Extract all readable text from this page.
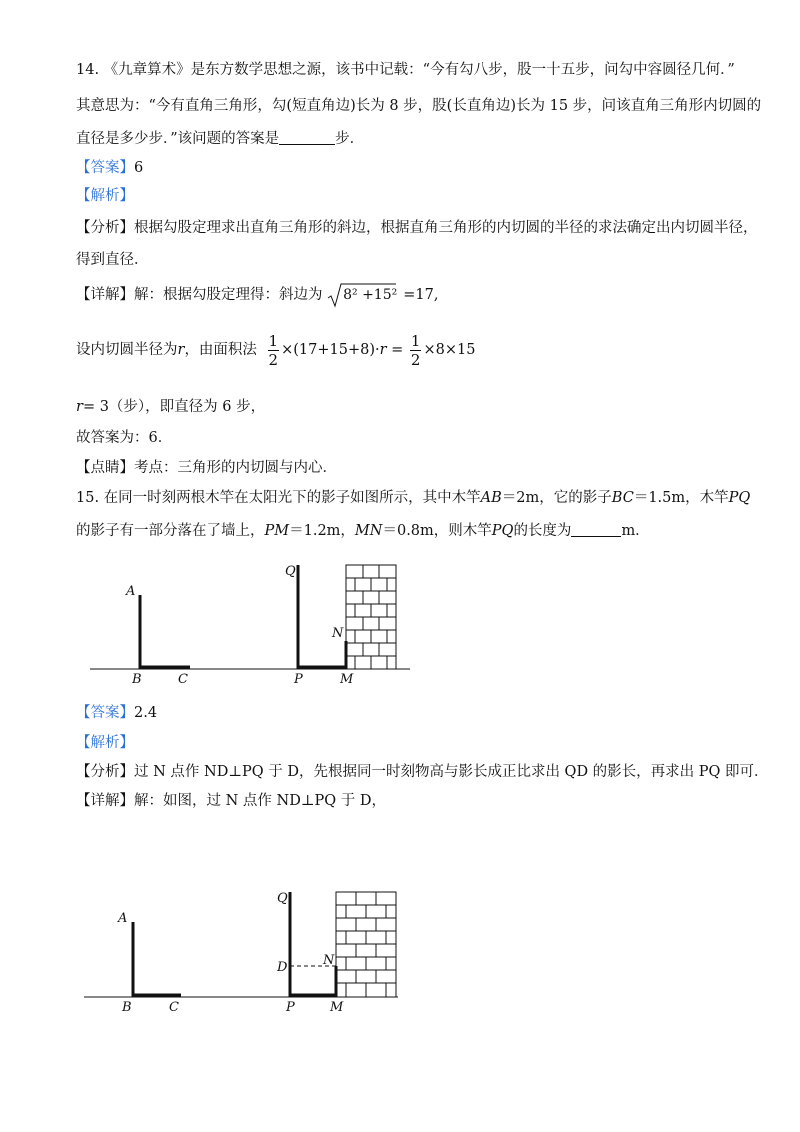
14. 《九章算术》是东方数学思想之源，该书中记载：“今有勾八步，股一十五步，问勾中容圆径几何．”
其意思为：“今有直角三角形，勾(短直角边)长为 8 步，股(长直角边)长为 15 步，问该直角三角形内切圆的
直径是多少步．”该问题的答案是	步．
【答案】6
【解析】
【分析】根据勾股定理求出直角三角形的斜边，根据直角三角形的内切圆的半径的求法确定出内切圆半径，
得到直径．
【详解】解：根据勾股定理得：斜边为 8² +15² =17,
设内切圆半径为r，由面积法 $\frac{1}{2} \times(17+15+8)\cdot r = \frac{1}{2} \times 8\times 15$
r= 3（步），即直径为 6 步，
故答案为：6．
【点睛】考点：三角形的内切圆与内心．
15. 在同一时刻两根木竿在太阳光下的影子如图所示，其中木竿AB＝2m，它的影子BC＝1.5m，木竿PQ
的影子有一部分落在了墙上，PM＝1.2m，MN＝0.8m，则木竿PQ的长度为	m．
A
B	C
Q
N
P	M
【答案】2.4
【解析】
【分析】过 N 点作 ND⊥PQ 于 D，先根据同一时刻物高与影长成正比求出 QD 的影长，再求出 PQ 即可．
【详解】解：如图，过 N 点作 ND⊥PQ 于 D，
A
B	C
Q
D	N
P	M
